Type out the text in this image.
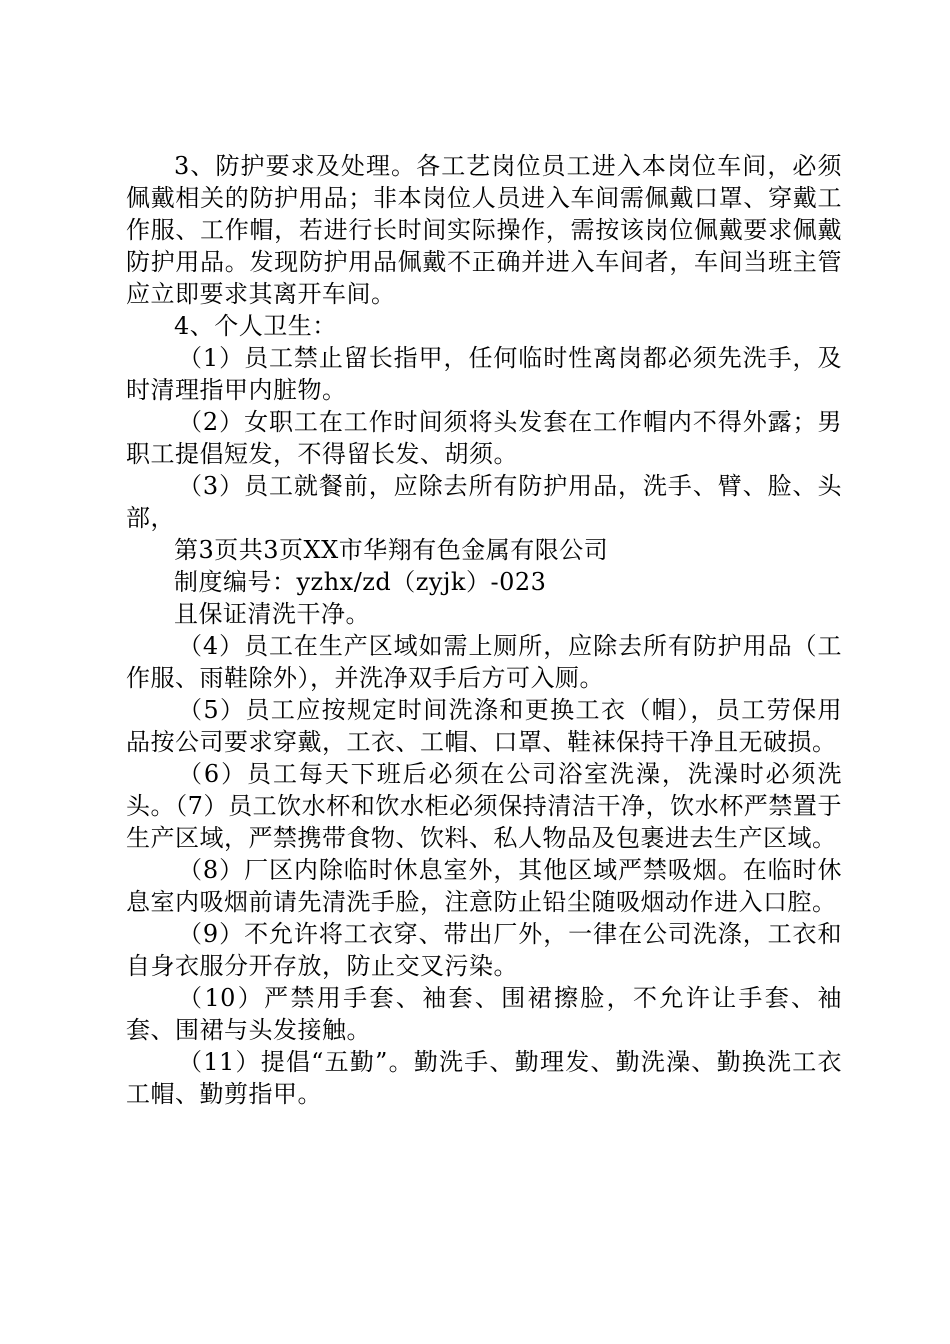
3、防护要求及处理。各工艺岗位员工进入本岗位车间，必须佩戴相关的防护用品；非本岗位人员进入车间需佩戴口罩、穿戴工作服、工作帽，若进行长时间实际操作，需按该岗位佩戴要求佩戴防护用品。发现防护用品佩戴不正确并进入车间者，车间当班主管应立即要求其离开车间。

4、个人卫生：

（1）员工禁止留长指甲，任何临时性离岗都必须先洗手，及时清理指甲内脏物。

（2）女职工在工作时间须将头发套在工作帽内不得外露；男职工提倡短发，不得留长发、胡须。

（3）员工就餐前，应除去所有防护用品，洗手、臂、脸、头部，

第3页共3页XX市华翔有色金属有限公司

制度编号：yzhx/zd（zyjk）-023

且保证清洗干净。

（4）员工在生产区域如需上厕所，应除去所有防护用品（工作服、雨鞋除外），并洗净双手后方可入厕。

（5）员工应按规定时间洗涤和更换工衣（帽），员工劳保用品按公司要求穿戴，工衣、工帽、口罩、鞋袜保持干净且无破损。

（6）员工每天下班后必须在公司浴室洗澡，洗澡时必须洗头。（7）员工饮水杯和饮水柜必须保持清洁干净，饮水杯严禁置于生产区域，严禁携带食物、饮料、私人物品及包裹进去生产区域。

（8）厂区内除临时休息室外，其他区域严禁吸烟。在临时休息室内吸烟前请先清洗手脸，注意防止铅尘随吸烟动作进入口腔。

（9）不允许将工衣穿、带出厂外，一律在公司洗涤，工衣和自身衣服分开存放，防止交叉污染。

（10）严禁用手套、袖套、围裙擦脸，不允许让手套、袖套、围裙与头发接触。

（11）提倡“五勤”。勤洗手、勤理发、勤洗澡、勤换洗工衣工帽、勤剪指甲。
